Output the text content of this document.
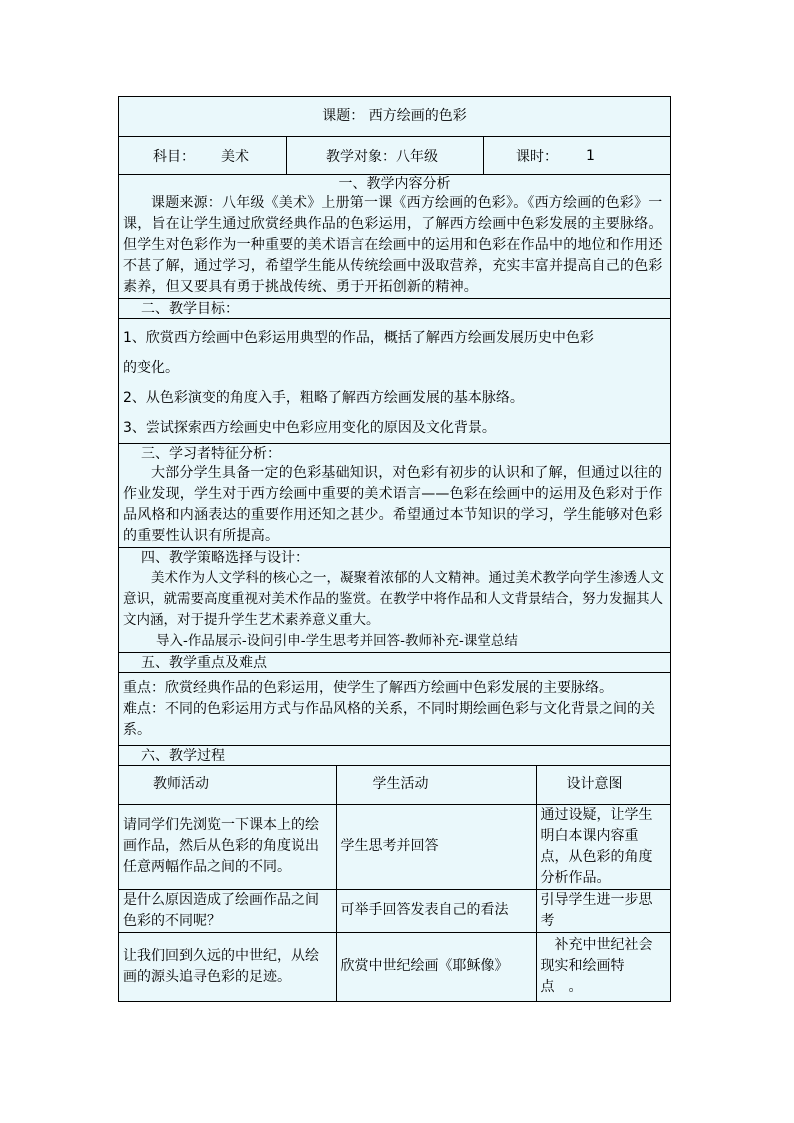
课题： 西方绘画的色彩
科目： 美术	教学对象：八年级	课时： 1
一、教学内容分析
课题来源：八年级《美术》上册第一课《西方绘画的色彩》。《西方绘画的色彩》一课，旨在让学生通过欣赏经典作品的色彩运用，了解西方绘画中色彩发展的主要脉络。但学生对色彩作为一种重要的美术语言在绘画中的运用和色彩在作品中的地位和作用还不甚了解，通过学习，希望学生能从传统绘画中汲取营养，充实丰富并提高自己的色彩素养，但又要具有勇于挑战传统、勇于开拓创新的精神。
二、教学目标：
1、欣赏西方绘画中色彩运用典型的作品，概括了解西方绘画发展历史中色彩
的变化。
2、从色彩演变的角度入手，粗略了解西方绘画发展的基本脉络。
3、尝试探索西方绘画史中色彩应用变化的原因及文化背景。
三、学习者特征分析：
大部分学生具备一定的色彩基础知识，对色彩有初步的认识和了解，但通过以往的作业发现，学生对于西方绘画中重要的美术语言——色彩在绘画中的运用及色彩对于作品风格和内涵表达的重要作用还知之甚少。希望通过本节知识的学习，学生能够对色彩的重要性认识有所提高。
四、教学策略选择与设计：
美术作为人文学科的核心之一，凝聚着浓郁的人文精神。通过美术教学向学生渗透人文意识，就需要高度重视对美术作品的鉴赏。在教学中将作品和人文背景结合，努力发掘其人文内涵，对于提升学生艺术素养意义重大。
导入-作品展示-设问引申-学生思考并回答-教师补充-课堂总结
五、教学重点及难点
重点：欣赏经典作品的色彩运用，使学生了解西方绘画中色彩发展的主要脉络。
难点：不同的色彩运用方式与作品风格的关系，不同时期绘画色彩与文化背景之间的关系。
六、教学过程
教师活动	学生活动	设计意图
请同学们先浏览一下课本上的绘画作品，然后从色彩的角度说出任意两幅作品之间的不同。	学生思考并回答	通过设疑，让学生明白本课内容重点，从色彩的角度分析作品。
是什么原因造成了绘画作品之间色彩的不同呢？	可举手回答发表自己的看法	引导学生进一步思考
让我们回到久远的中世纪，从绘画的源头追寻色彩的足迹。	欣赏中世纪绘画《耶稣像》	　补充中世纪社会现实和绘画特点　。
